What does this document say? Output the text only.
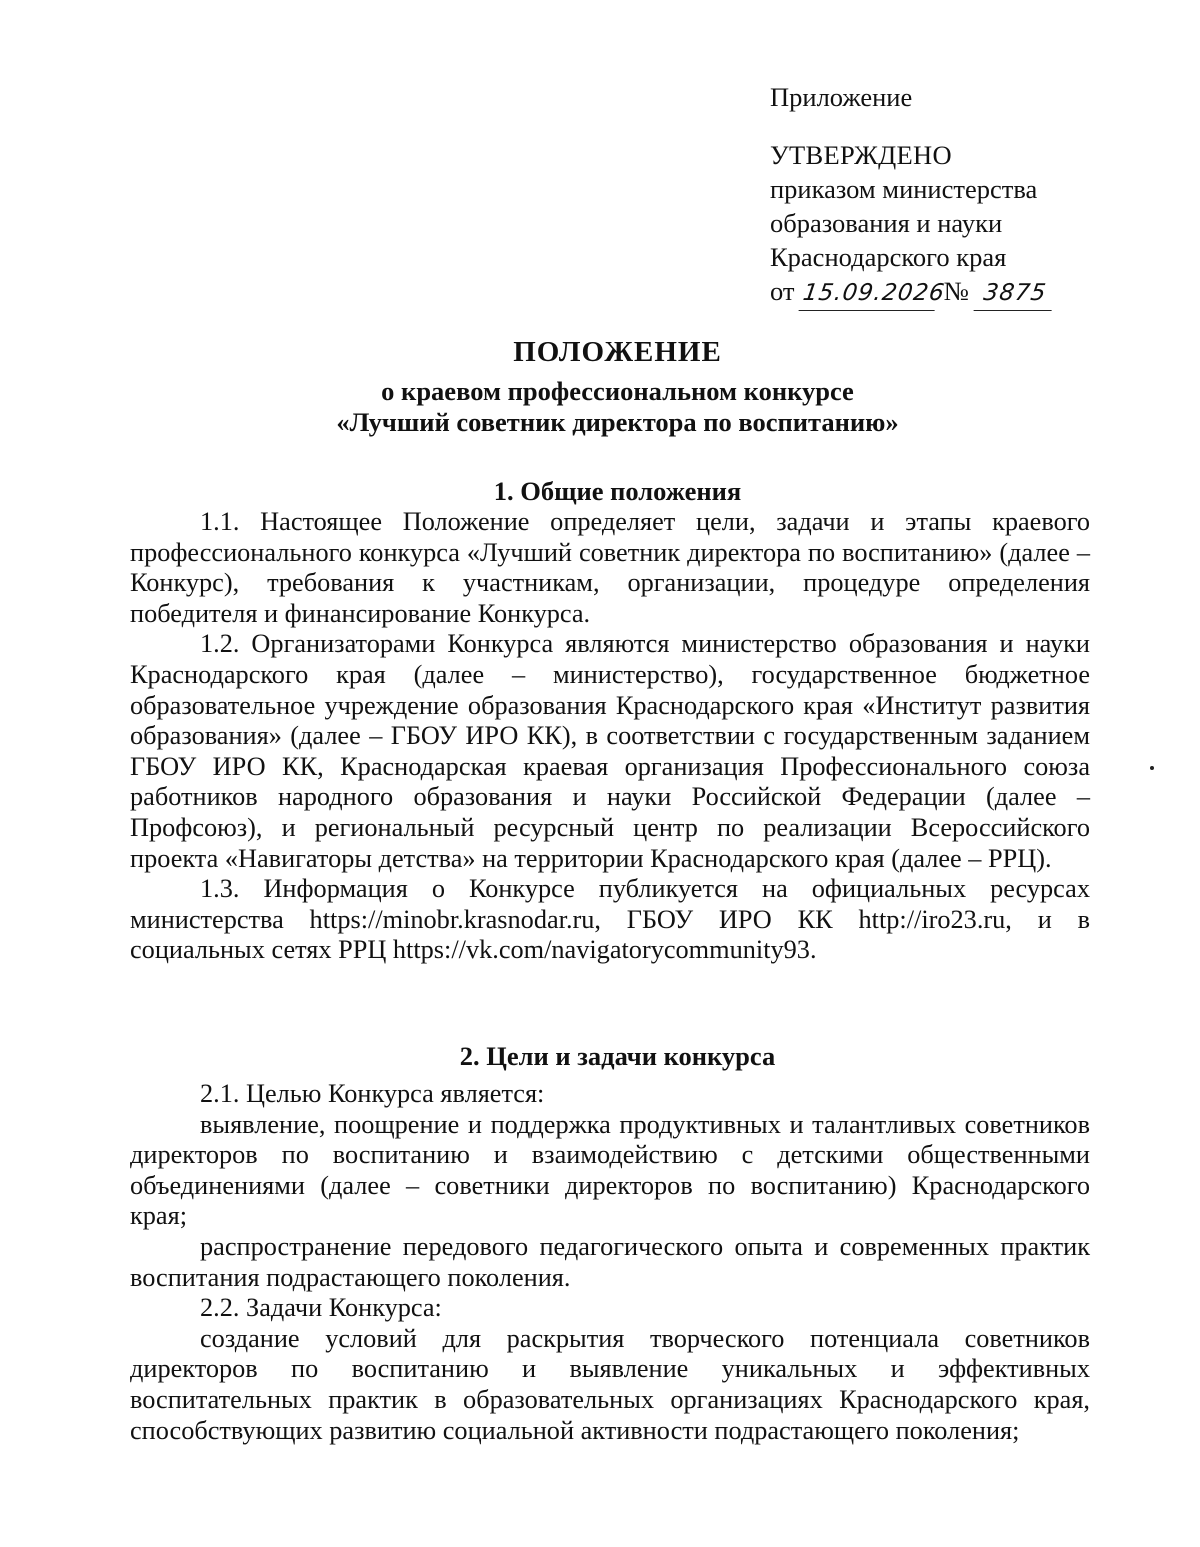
Приложение
УТВЕРЖДЕНО
приказом министерства
образования и науки
Краснодарского края
от 15.09.2026 № 3875
ПОЛОЖЕНИЕ
о краевом профессиональном конкурсе
«Лучший советник директора по воспитанию»
1. Общие положения

1.1. Настоящее Положение определяет цели, задачи и этапы краевого профессионального конкурса «Лучший советник директора по воспитанию» (далее – Конкурс), требования к участникам, организации, процедуре определения победителя и финансирование Конкурса.

1.2. Организаторами Конкурса являются министерство образования и науки Краснодарского края (далее – министерство), государственное бюджетное образовательное учреждение образования Краснодарского края «Институт развития образования» (далее – ГБОУ ИРО КК), в соответствии с государственным заданием ГБОУ ИРО КК, Краснодарская краевая организация Профессионального союза работников народного образования и науки Российской Федерации (далее – Профсоюз), и региональный ресурсный центр по реализации Всероссийского проекта «Навигаторы детства» на территории Краснодарского края (далее – РРЦ).

1.3. Информация о Конкурсе публикуется на официальных ресурсах министерства https://minobr.krasnodar.ru, ГБОУ ИРО КК http://iro23.ru, и в социальных сетях РРЦ https://vk.com/navigatorycommunity93.

2. Цели и задачи конкурса

2.1. Целью Конкурса является:

выявление, поощрение и поддержка продуктивных и талантливых советников директоров по воспитанию и взаимодействию с детскими общественными объединениями (далее – советники директоров по воспитанию) Краснодарского края;

распространение передового педагогического опыта и современных практик воспитания подрастающего поколения.

2.2. Задачи Конкурса:

создание условий для раскрытия творческого потенциала советников директоров по воспитанию и выявление уникальных и эффективных воспитательных практик в образовательных организациях Краснодарского края, способствующих развитию социальной активности подрастающего поколения;
